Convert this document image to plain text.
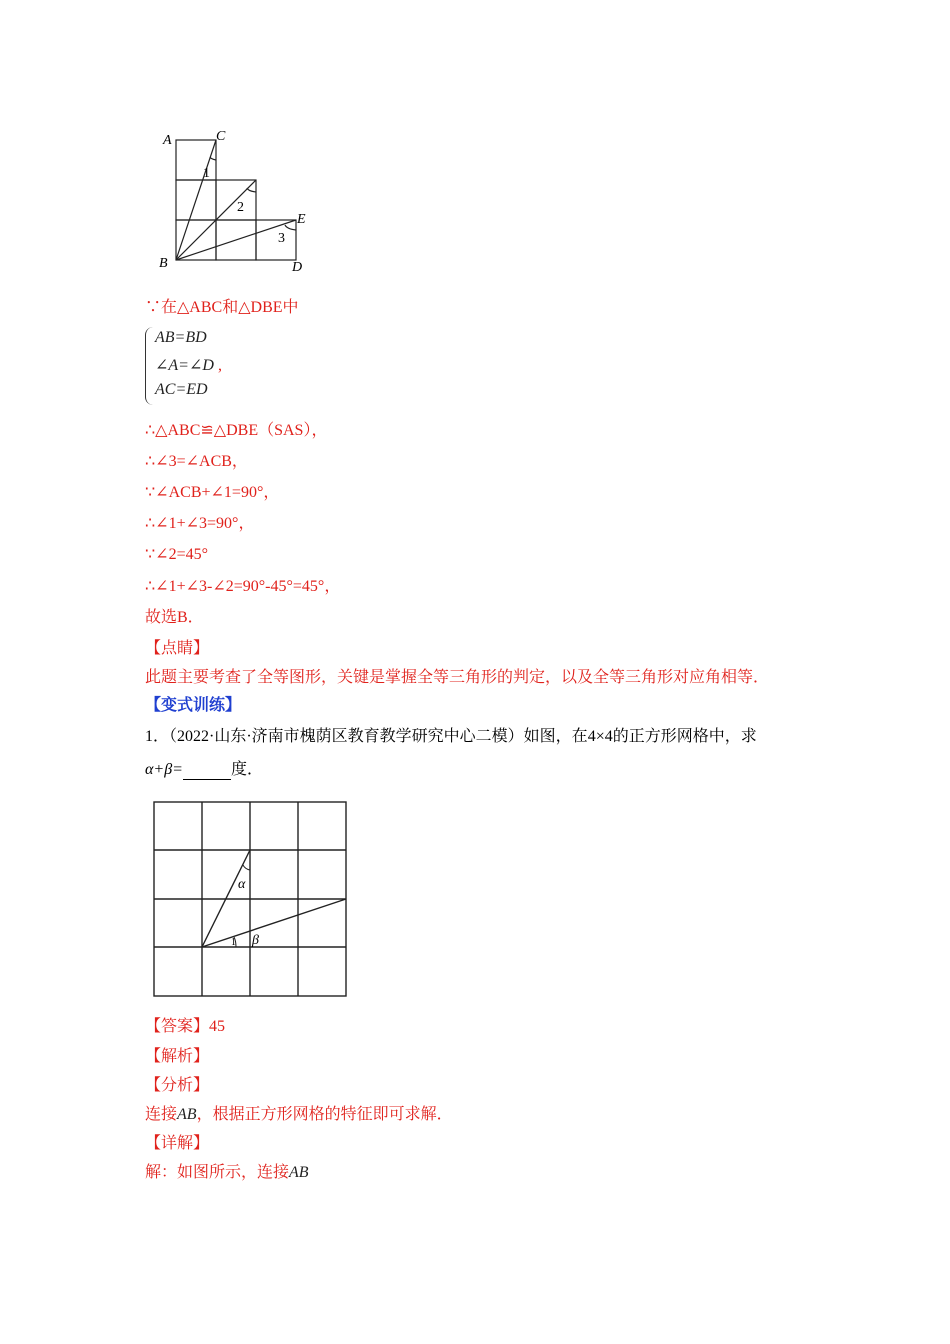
A	C
B	D
E
1
2
3
∵在△ABC和△DBE中
AB=BD
∠A=∠D ,
AC=ED
∴△ABC≌△DBE（SAS），
∴∠3=∠ACB，
∵∠ACB+∠1=90°，
∴∠1+∠3=90°，
∵∠2=45°
∴∠1+∠3-∠2=90°-45°=45°，
故选B．
【点睛】
此题主要考查了全等图形，关键是掌握全等三角形的判定，以及全等三角形对应角相等．
【变式训练】
1．（2022·山东·济南市槐荫区教育教学研究中心二模）如图，在4×4的正方形网格中，求
α+β=	度．
α
β
1
【答案】45
【解析】
【分析】
连接AB，根据正方形网格的特征即可求解．
【详解】
解：如图所示，连接AB
